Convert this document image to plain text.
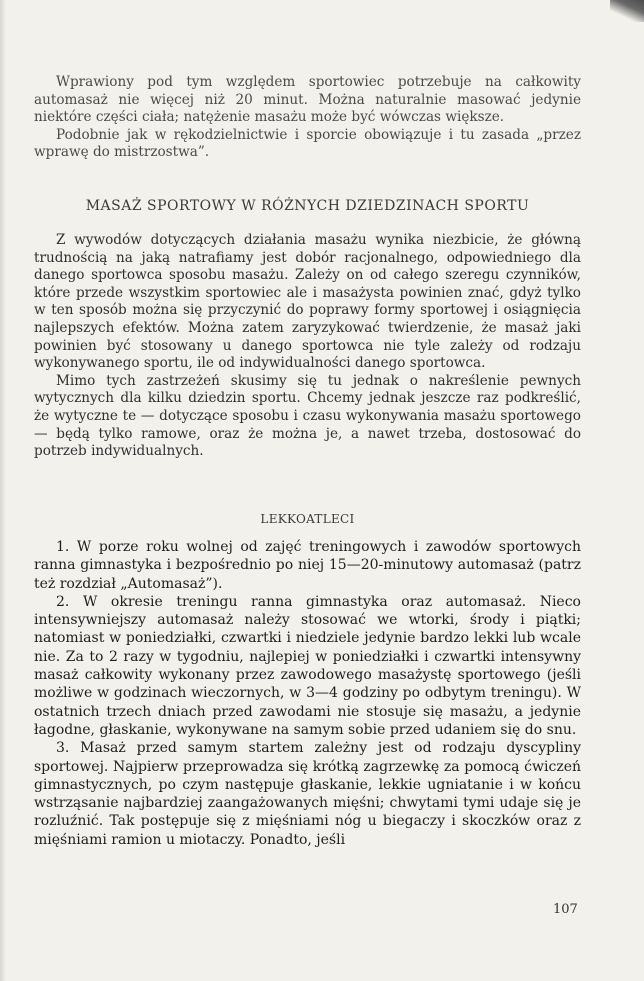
Wprawiony pod tym względem sportowiec potrzebuje na całkowity automasaż nie więcej niż 20 minut. Można naturalnie masować jedynie niektóre części ciała; natężenie masażu może być wówczas większe.

Podobnie jak w rękodzielnictwie i sporcie obowiązuje i tu zasada „przez wprawę do mistrzostwa”.

MASAŻ SPORTOWY W RÓŻNYCH DZIEDZINACH SPORTU

Z wywodów dotyczących działania masażu wynika niezbicie, że główną trudnością na jaką natrafiamy jest dobór racjonalnego, odpowiedniego dla danego sportowca sposobu masażu. Zależy on od całego szeregu czynników, które przede wszystkim sportowiec ale i masażysta powinien znać, gdyż tylko w ten sposób można się przyczynić do poprawy formy sportowej i osiągnięcia najlepszych efektów. Można zatem zaryzykować twierdzenie, że masaż jaki powinien być stosowany u danego sportowca nie tyle zależy od rodzaju wykonywanego sportu, ile od indywidualności danego sportowca.

Mimo tych zastrzeżeń skusimy się tu jednak o nakreślenie pewnych wytycznych dla kilku dziedzin sportu. Chcemy jednak jeszcze raz podkreślić, że wytyczne te — dotyczące sposobu i czasu wykonywania masażu sportowego — będą tylko ramowe, oraz że można je, a nawet trzeba, dostosować do potrzeb indywidualnych.

LEKKOATLECI

1. W porze roku wolnej od zajęć treningowych i zawodów sportowych ranna gimnastyka i bezpośrednio po niej 15—20-minutowy automasaż (patrz też rozdział „Automasaż”).

2. W okresie treningu ranna gimnastyka oraz automasaż. Nieco intensywniejszy automasaż należy stosować we wtorki, środy i piątki; natomiast w poniedziałki, czwartki i niedziele jedynie bardzo lekki lub wcale nie. Za to 2 razy w tygodniu, najlepiej w poniedziałki i czwartki intensywny masaż całkowity wykonany przez zawodowego masażystę sportowego (jeśli możliwe w godzinach wieczornych, w 3—4 godziny po odbytym treningu). W ostatnich trzech dniach przed zawodami nie stosuje się masażu, a jedynie łagodne, głaskanie, wykonywane na samym sobie przed udaniem się do snu.

3. Masaż przed samym startem zależny jest od rodzaju dyscypliny sportowej. Najpierw przeprowadza się krótką zagrzewkę za pomocą ćwiczeń gimnastycznych, po czym następuje głaskanie, lekkie ugniatanie i w końcu wstrząsanie najbardziej zaangażowanych mięśni; chwytami tymi udaje się je rozluźnić. Tak postępuje się z mięśniami nóg u biegaczy i skoczków oraz z mięśniami ramion u miotaczy. Ponadto, jeśli

107
